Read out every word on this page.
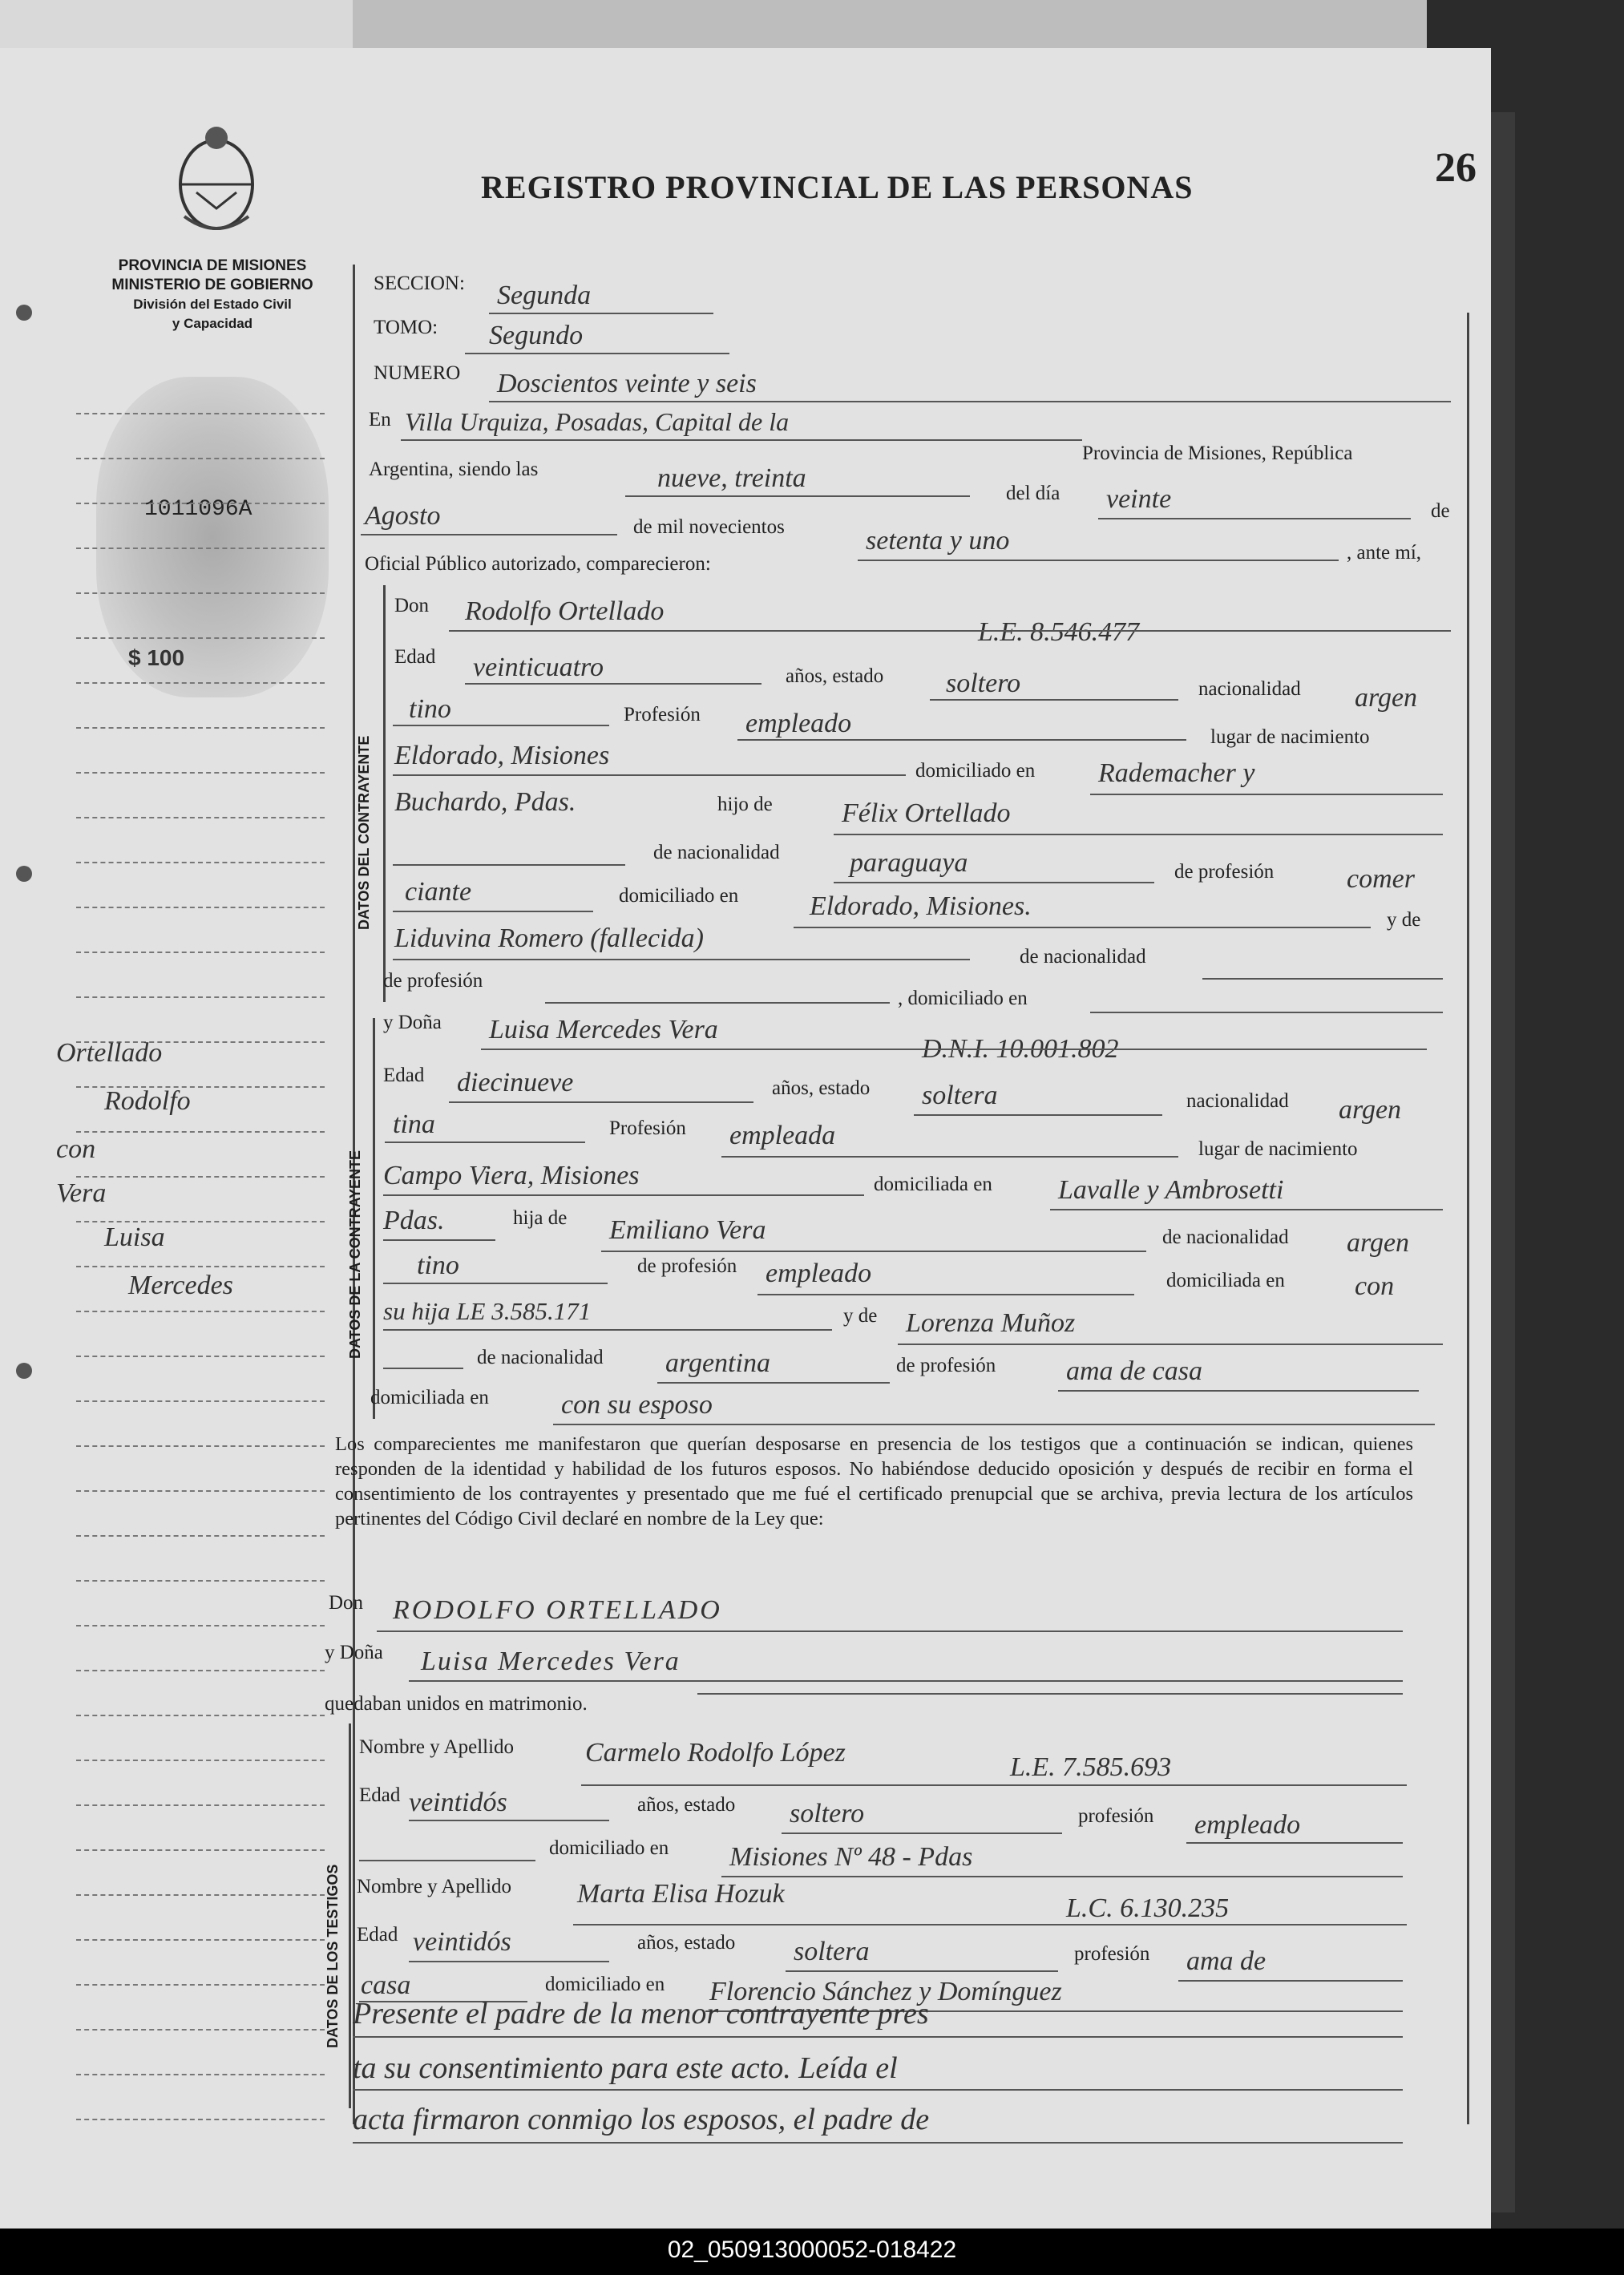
26
REGISTRO PROVINCIAL DE LAS PERSONAS
PROVINCIA DE MISIONES
MINISTERIO DE GOBIERNO
División del Estado Civil
y Capacidad
1011096A
$ 100
Ortellado
Rodolfo
con
Vera
Luisa
Mercedes
SECCION: Segunda
TOMO: Segundo
NUMERO Doscientos veinte y seis
En Villa Urquiza, Posadas, Capital de la
Provincia de Misiones, República
Argentina, siendo las	nueve, treinta
del día veinte	de
Agosto	de mil novecientos	setenta y uno	, ante mí,
Oficial Público autorizado, comparecieron:
DATOS DEL CONTRAYENTE
Don Rodolfo Ortellado
L.E. 8.546.477
Edad veinticuatro	años, estado soltero	nacionalidad argen
tino	Profesión empleado	lugar de nacimiento
Eldorado, Misiones
domiciliado en Rademacher y
Buchardo, Pdas.	hijo de	Félix Ortellado
de nacionalidad	paraguaya	de profesión	comer
ciante	domiciliado en	Eldorado, Misiones.	y de
Liduvina Romero (fallecida)
de nacionalidad
de profesión
, domiciliado en
DATOS DE LA CONTRAYENTE
y Doña Luisa Mercedes Vera
D.N.I. 10.001.802
Edad diecinueve	años, estado soltera	nacionalidad argen
tina	Profesión empleada	lugar de nacimiento
Campo Viera, Misiones	domiciliada en Lavalle y Ambrosetti
Pdas.	hija de Emiliano Vera	de nacionalidad argen
tino	de profesión empleado	domiciliada en	con
su hija LE 3.585.171	y de Lorenza Muñoz
de nacionalidad argentina	de profesión	ama de casa
domiciliada en	con su esposo
Los comparecientes me manifestaron que querían desposarse en presencia de los testigos que a continuación se indican, quienes responden de la identidad y habilidad de los futuros esposos. No habiéndose deducido oposición y después de recibir en forma el consentimiento de los contrayentes y presentado que me fué el certificado prenupcial que se archiva, previa lectura de los artículos pertinentes del Código Civil declaré en nombre de la Ley que:
Don RODOLFO ORTELLADO
y Doña Luisa Mercedes Vera
quedaban unidos en matrimonio.
DATOS DE LOS TESTIGOS
Nombre y Apellido	Carmelo Rodolfo López	L.E. 7.585.693
Edad veintidós	años, estado soltero	profesión empleado
domiciliado en Misiones Nº 48 - Pdas
Nombre y Apellido Marta Elisa Hozuk	L.C. 6.130.235
Edad veintidós	años, estado soltera	profesión ama de
casa	domiciliado en Florencio Sánchez y Domínguez
Presente el padre de la menor contrayente pres
ta su consentimiento para este acto. Leída el
acta firmaron conmigo los esposos, el padre de
02_050913000052-018422
